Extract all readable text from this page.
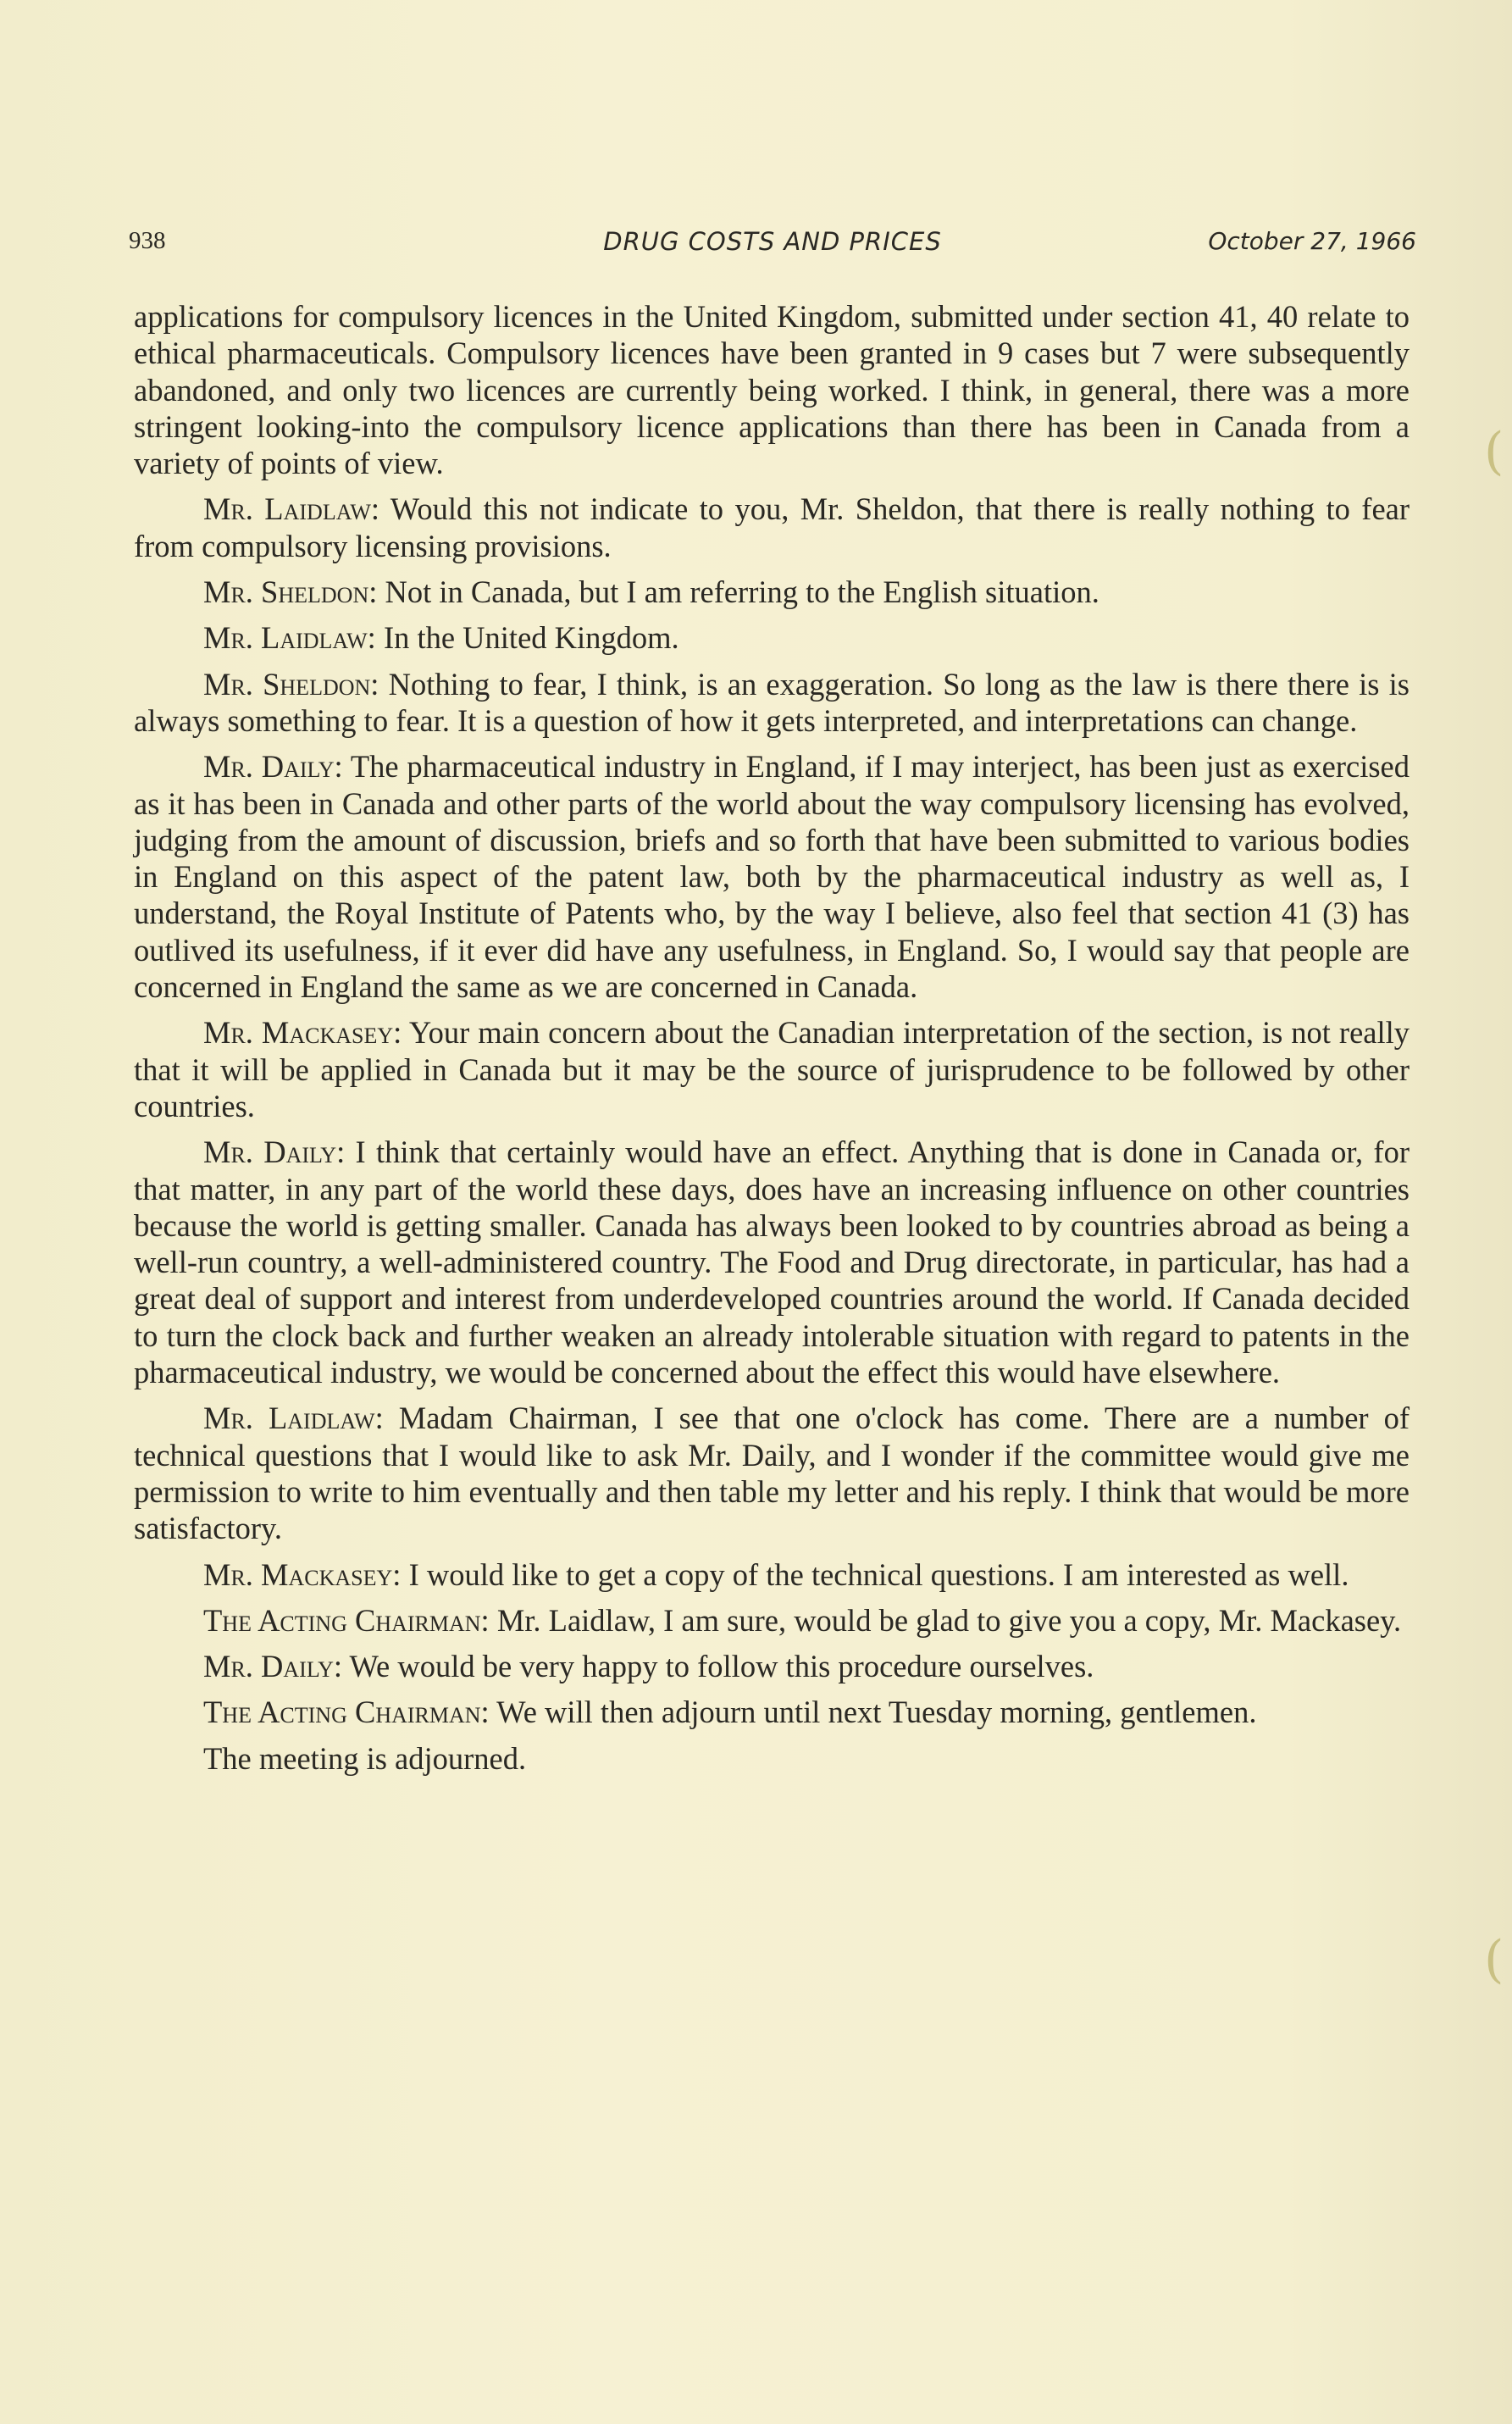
938	DRUG COSTS AND PRICES	October 27, 1966
(
(

applications for compulsory licences in the United Kingdom, submitted under section 41, 40 relate to ethical pharmaceuticals. Compulsory licences have been granted in 9 cases but 7 were subsequently abandoned, and only two licences are currently being worked. I think, in general, there was a more stringent looking-into the compulsory licence applications than there has been in Canada from a variety of points of view.

Mr. Laidlaw: Would this not indicate to you, Mr. Sheldon, that there is really nothing to fear from compulsory licensing provisions.

Mr. Sheldon: Not in Canada, but I am referring to the English situation.

Mr. Laidlaw: In the United Kingdom.

Mr. Sheldon: Nothing to fear, I think, is an exaggeration. So long as the law is there there is is always something to fear. It is a question of how it gets interpreted, and interpretations can change.

Mr. Daily: The pharmaceutical industry in England, if I may interject, has been just as exercised as it has been in Canada and other parts of the world about the way compulsory licensing has evolved, judging from the amount of discussion, briefs and so forth that have been submitted to various bodies in England on this aspect of the patent law, both by the pharmaceutical industry as well as, I understand, the Royal Institute of Patents who, by the way I believe, also feel that section 41 (3) has outlived its usefulness, if it ever did have any usefulness, in England. So, I would say that people are concerned in England the same as we are concerned in Canada.

Mr. Mackasey: Your main concern about the Canadian interpretation of the section, is not really that it will be applied in Canada but it may be the source of jurisprudence to be followed by other countries.

Mr. Daily: I think that certainly would have an effect. Anything that is done in Canada or, for that matter, in any part of the world these days, does have an increasing influence on other countries because the world is getting smaller. Canada has always been looked to by countries abroad as being a well-run country, a well-administered country. The Food and Drug directorate, in particular, has had a great deal of support and interest from underdeveloped countries around the world. If Canada decided to turn the clock back and further weaken an already intolerable situation with regard to patents in the pharmaceutical industry, we would be concerned about the effect this would have elsewhere.

Mr. Laidlaw: Madam Chairman, I see that one o'clock has come. There are a number of technical questions that I would like to ask Mr. Daily, and I wonder if the committee would give me permission to write to him eventually and then table my letter and his reply. I think that would be more satisfactory.

Mr. Mackasey: I would like to get a copy of the technical questions. I am interested as well.

The Acting Chairman: Mr. Laidlaw, I am sure, would be glad to give you a copy, Mr. Mackasey.

Mr. Daily: We would be very happy to follow this procedure ourselves.

The Acting Chairman: We will then adjourn until next Tuesday morning, gentlemen.

The meeting is adjourned.
